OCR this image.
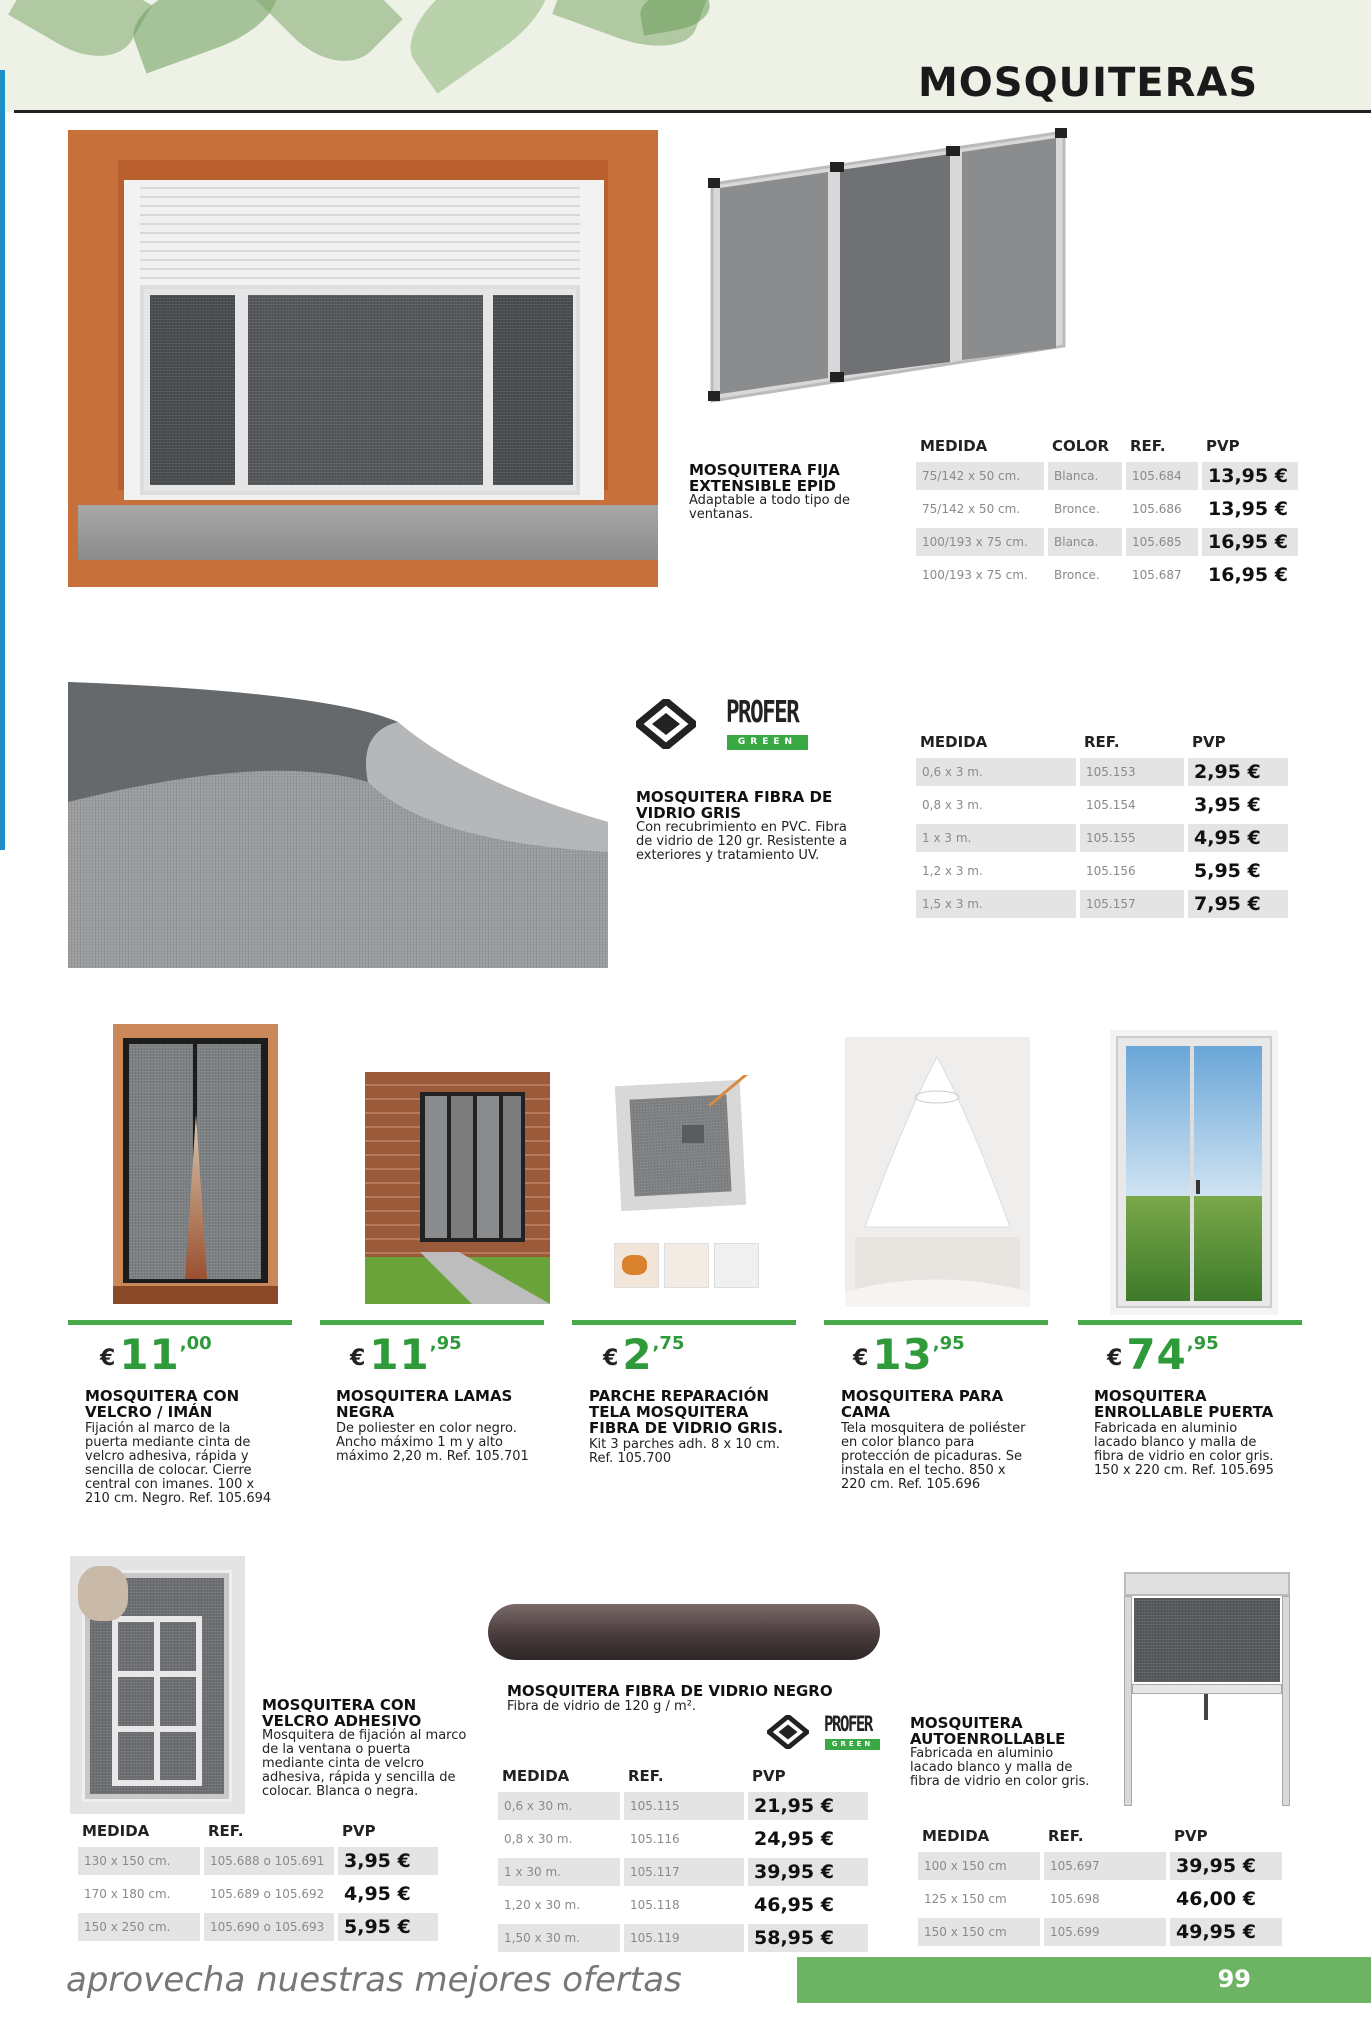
MOSQUITERAS
MOSQUITERA FIJA EXTENSIBLE EPID
Adaptable a todo tipo de ventanas.
MEDIDA	COLOR	REF.	PVP
75/142 x 50 cm.	Blanca.	105.684	13,95 €
75/142 x 50 cm.	Bronce.	105.686	13,95 €
100/193 x 75 cm.	Blanca.	105.685	16,95 €
100/193 x 75 cm.	Bronce.	105.687	16,95 €
PROFER
GREEN
MOSQUITERA FIBRA DE VIDRIO GRIS
Con recubrimiento en PVC. Fibra de vidrio de 120 gr. Resistente a exteriores y tratamiento UV.
MEDIDA	REF.	PVP
0,6 x 3 m.	105.153	2,95 €
0,8 x 3 m.	105.154	3,95 €
1 x 3 m.	105.155	4,95 €
1,2 x 3 m.	105.156	5,95 €
1,5 x 3 m.	105.157	7,95 €
€11,00
€11,95
€2,75
€13,95
€74,95
MOSQUITERA CON VELCRO / IMÁN
Fijación al marco de la puerta mediante cinta de velcro adhesiva, rápida y sencilla de colocar. Cierre central con imanes. 100 x 210 cm. Negro. Ref. 105.694
MOSQUITERA LAMAS NEGRA
De poliester en color negro. Ancho máximo 1 m y alto máximo 2,20 m. Ref. 105.701
PARCHE REPARACIÓN TELA MOSQUITERA FIBRA DE VIDRIO GRIS.
Kit 3 parches adh. 8 x 10 cm. Ref. 105.700
MOSQUITERA PARA CAMA
Tela mosquitera de poliéster en color blanco para protección de picaduras. Se instala en el techo. 850 x 220 cm. Ref. 105.696
MOSQUITERA ENROLLABLE PUERTA
Fabricada en aluminio lacado blanco y malla de fibra de vidrio en color gris. 150 x 220 cm. Ref. 105.695
MOSQUITERA CON VELCRO ADHESIVO
Mosquitera de fijación al marco de la ventana o puerta mediante cinta de velcro adhesiva, rápida y sencilla de colocar. Blanca o negra.
MEDIDA	REF.	PVP
130 x 150 cm.	105.688 o 105.691	3,95 €
170 x 180 cm.	105.689 o 105.692	4,95 €
150 x 250 cm.	105.690 o 105.693	5,95 €
MOSQUITERA FIBRA DE VIDRIO NEGRO
Fibra de vidrio de 120 g / m².
PROFER
GREEN
MEDIDA	REF.	PVP
0,6 x 30 m.	105.115	21,95 €
0,8 x 30 m.	105.116	24,95 €
1 x 30 m.	105.117	39,95 €
1,20 x 30 m.	105.118	46,95 €
1,50 x 30 m.	105.119	58,95 €
MOSQUITERA AUTOENROLLABLE
Fabricada en aluminio lacado blanco y malla de fibra de vidrio en color gris.
MEDIDA	REF.	PVP
100 x 150 cm	105.697	39,95 €
125 x 150 cm	105.698	46,00 €
150 x 150 cm	105.699	49,95 €
aprovecha nuestras mejores ofertas	99
